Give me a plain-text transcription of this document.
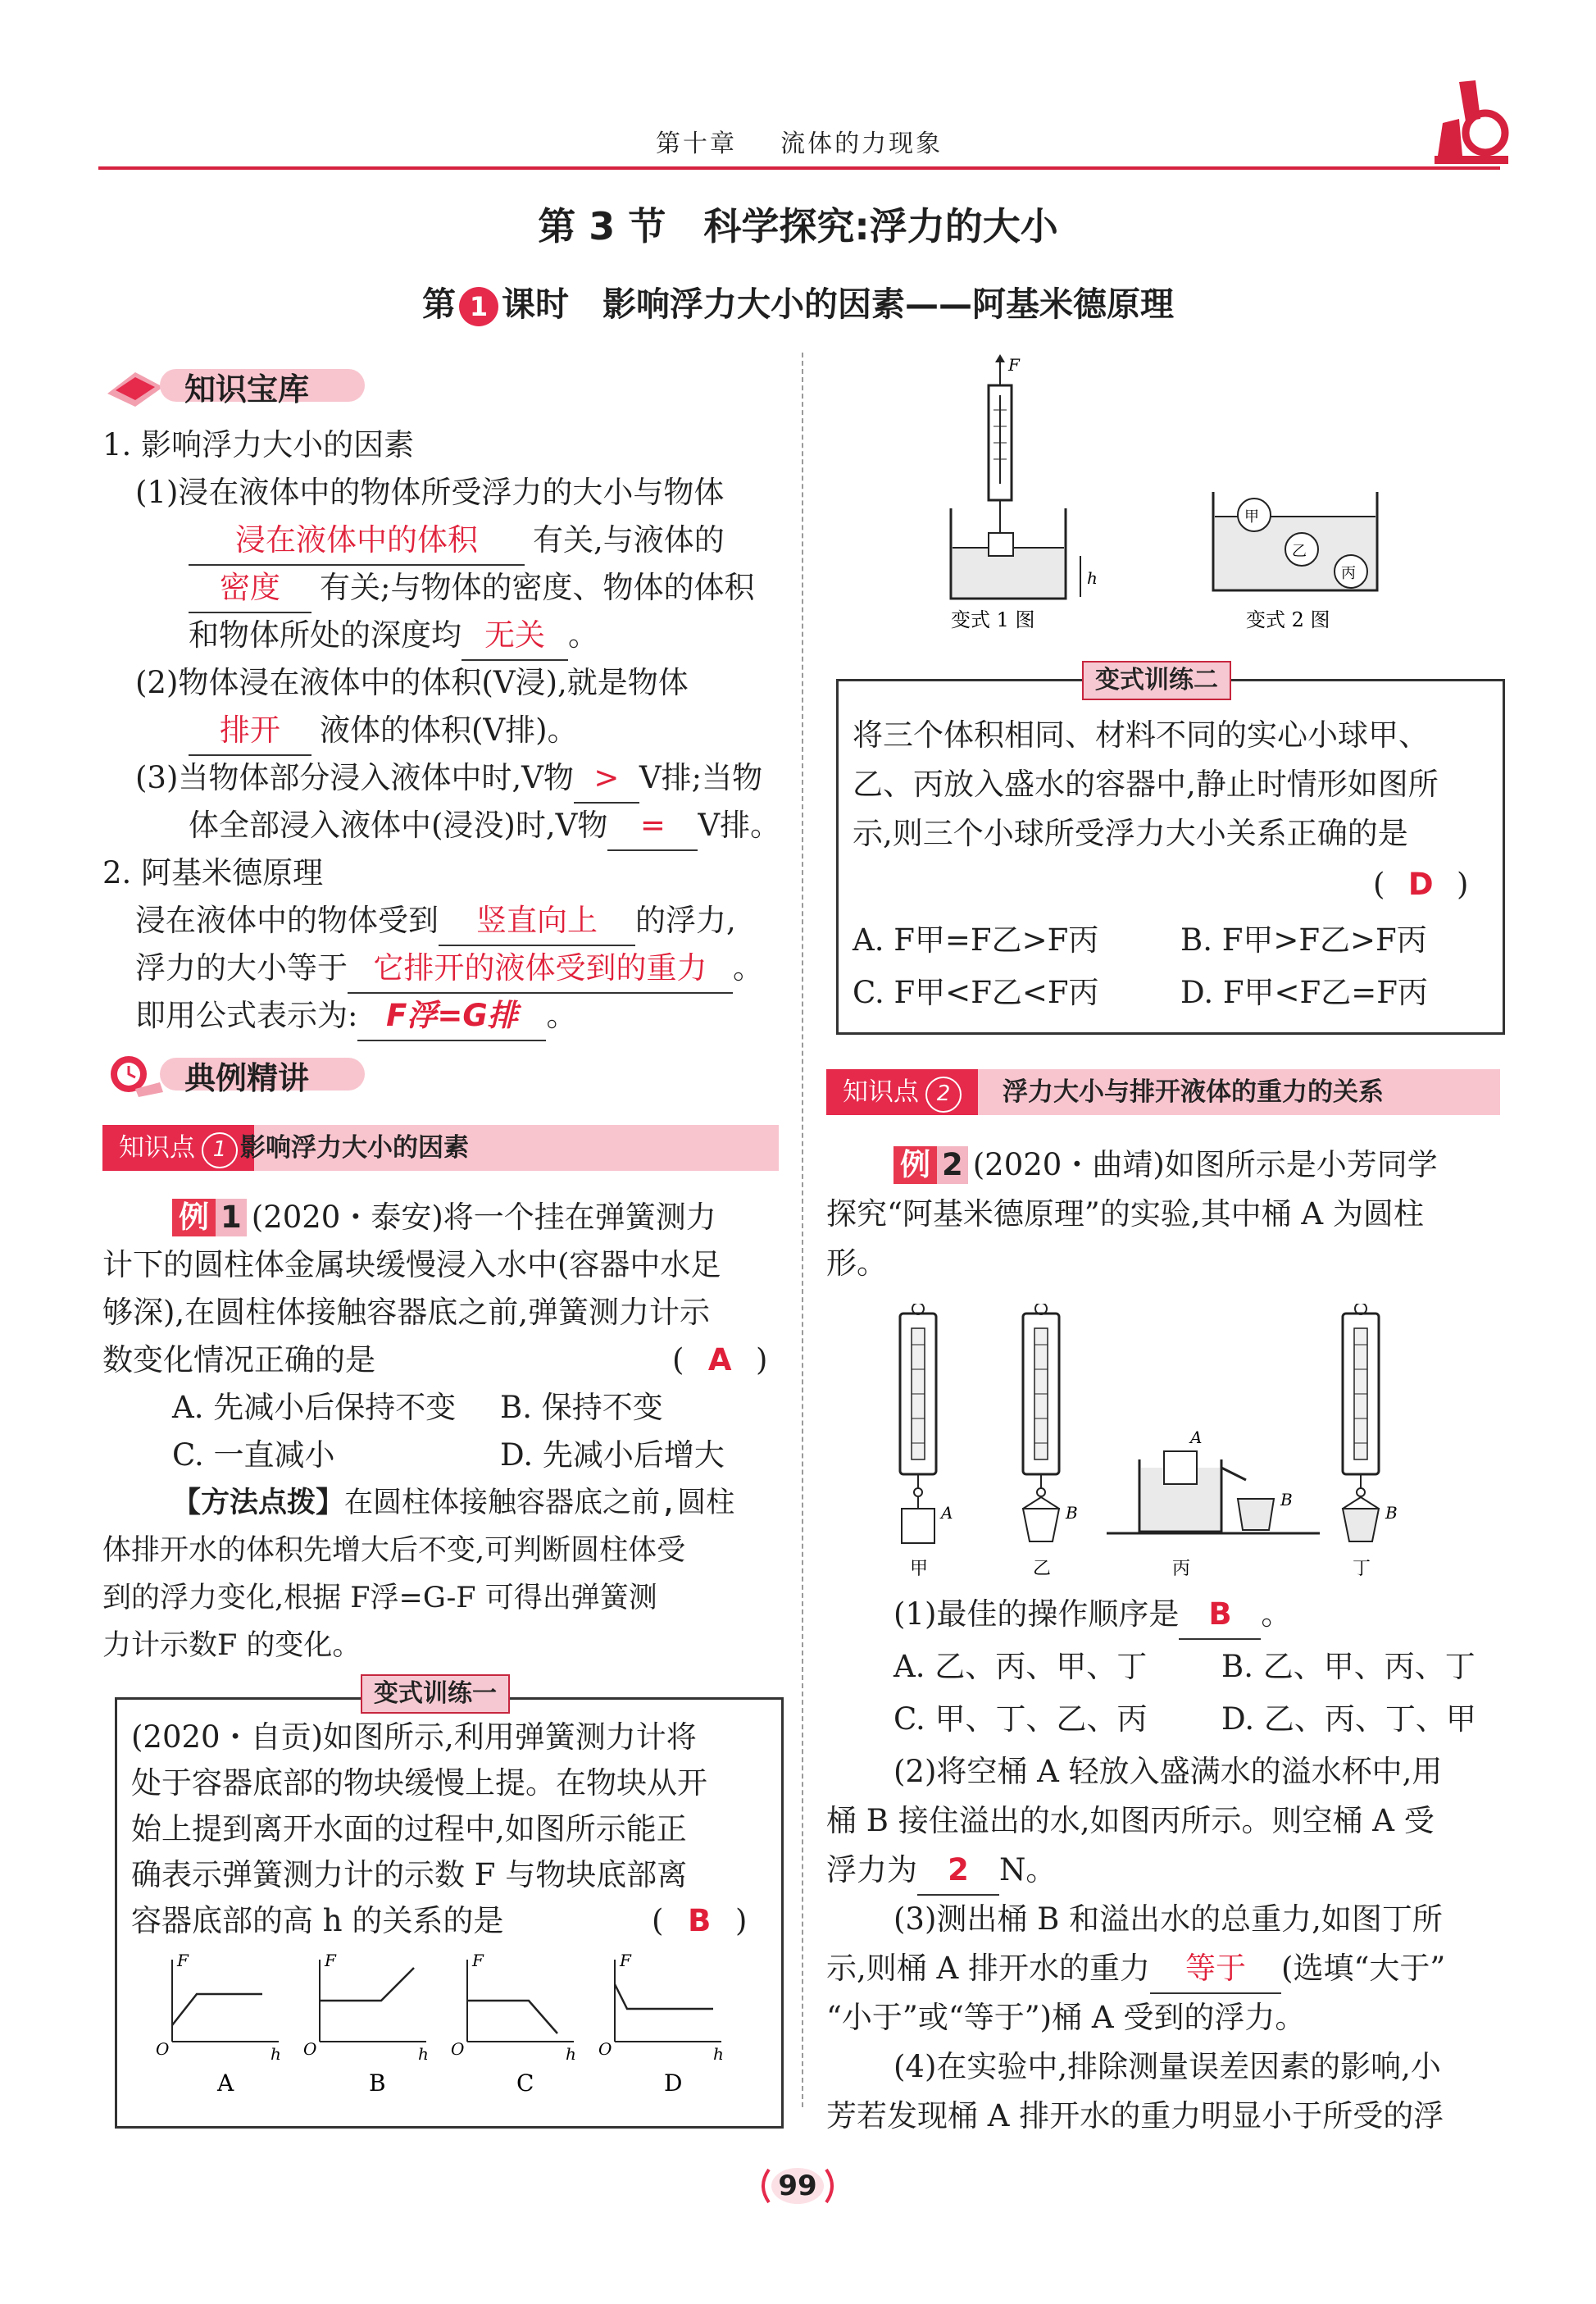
第十章 流体的力现象
第 3 节　科学探究:浮力的大小
第 1 课时　影响浮力大小的因素——阿基米德原理
知识宝库
1. 影响浮力大小的因素
(1)浸在液体中的物体所受浮力的大小与物体
浸在液体中的体积 有关,与液体的
密度 有关;与物体的密度、物体的体积
和物体所处的深度均 无关 。
(2)物体浸在液体中的体积(V浸),就是物体
排开 液体的体积(V排)。
(3)当物体部分浸入液体中时,V物 > V排;当物
体全部浸入液体中(浸没)时,V物 = V排。
2. 阿基米德原理
浸在液体中的物体受到 竖直向上 的浮力,
浮力的大小等于 它排开的液体受到的重力 。
即用公式表示为: F浮=G排 。
典例精讲
知识点 1 影响浮力大小的因素
例 1 (2020・泰安)将一个挂在弹簧测力
计下的圆柱体金属块缓慢浸入水中(容器中水足
够深),在圆柱体接触容器底之前,弹簧测力计示
数变化情况正确的是	( A )
A. 先减小后保持不变 B. 保持不变
C. 一直减小	D. 先减小后增大
【方法点拨】在圆柱体接触容器底之前,圆柱
体排开水的体积先增大后不变,可判断圆柱体受
到的浮力变化,根据 F浮=G-F 可得出弹簧测
力计示数F 的变化。
变式训练一
(2020・自贡)如图所示,利用弹簧测力计将
处于容器底部的物块缓慢上提。在物块从开
始上提到离开水面的过程中,如图所示能正
确表示弹簧测力计的示数 F 与物块底部离
容器底部的高 h 的关系的是	( B )
F
h
O
A
F
h
O
B
F
h
O
C
F
h
O
D
F
h
变式 1 图
甲
乙
丙
变式 2 图
变式训练二
将三个体积相同、材料不同的实心小球甲、
乙、丙放入盛水的容器中,静止时情形如图所
示,则三个小球所受浮力大小关系正确的是
( D )
A. F甲=F乙>F丙	B. F甲>F乙>F丙
C. F甲<F乙<F丙	D. F甲<F乙=F丙
知识点 2	浮力大小与排开液体的重力的关系
例 2 (2020・曲靖)如图所示是小芳同学
探究“阿基米德原理”的实验,其中桶 A 为圆柱
形。
A
甲
B
乙
A
B
丙
B
丁
(1)最佳的操作顺序是 B 。
A. 乙、丙、甲、丁 B. 乙、甲、丙、丁
C. 甲、丁、乙、丙 D. 乙、丙、丁、甲
(2)将空桶 A 轻放入盛满水的溢水杯中,用
桶 B 接住溢出的水,如图丙所示。则空桶 A 受
浮力为 2 N。
(3)测出桶 B 和溢出水的总重力,如图丁所
示,则桶 A 排开水的重力 等于 (选填“大于”
“小于”或“等于”)桶 A 受到的浮力。
(4)在实验中,排除测量误差因素的影响,小
芳若发现桶 A 排开水的重力明显小于所受的浮
99
